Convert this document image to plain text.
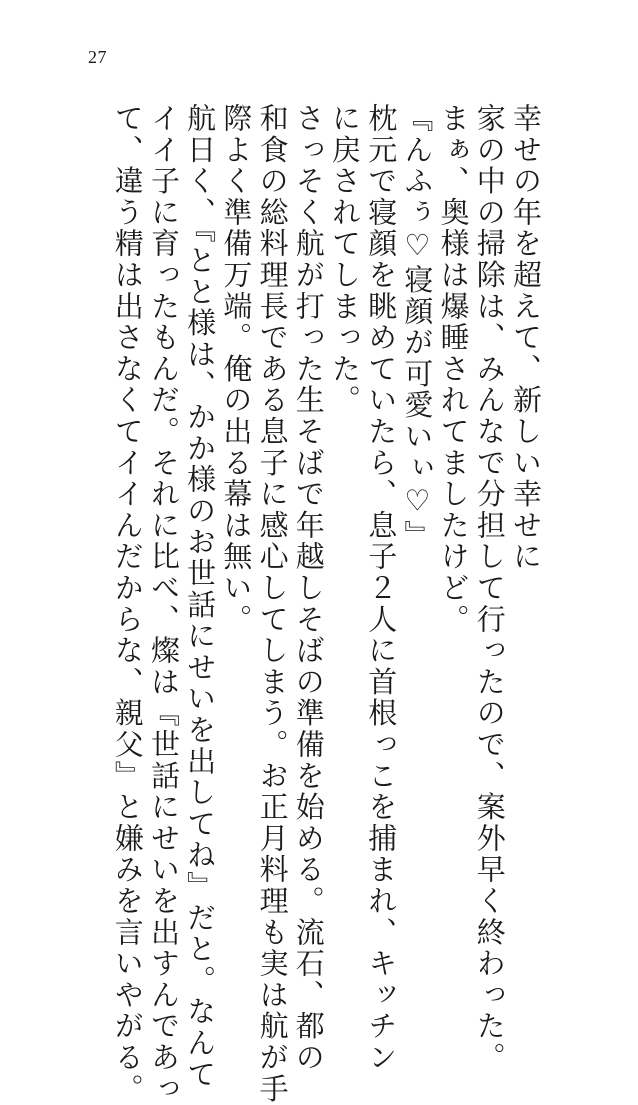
27

幸せの年を超えて、新しい幸せに

家の中の掃除は、みんなで分担して行ったので、案外早く終わった。

まぁ、奥様は爆睡されてましたけど。

『んふぅ♡寝顔が可愛いぃ♡』

枕元で寝顔を眺めていたら、息子２人に首根っこを捕まれ、キッチン

に戻されてしまった。

さっそく航が打った生そばで年越しそばの準備を始める。流石、都の

和食の総料理長である息子に感心してしまう。お正月料理も実は航が手

際よく準備万端。俺の出る幕は無い。

航日く、『とと様は、かか様のお世話にせいを出してね』だと。なんて

イイ子に育ったもんだ。それに比べ、燦は『世話にせいを出すんであっ

て、違う精は出さなくてイイんだからな、親父』と嫌みを言いやがる。
